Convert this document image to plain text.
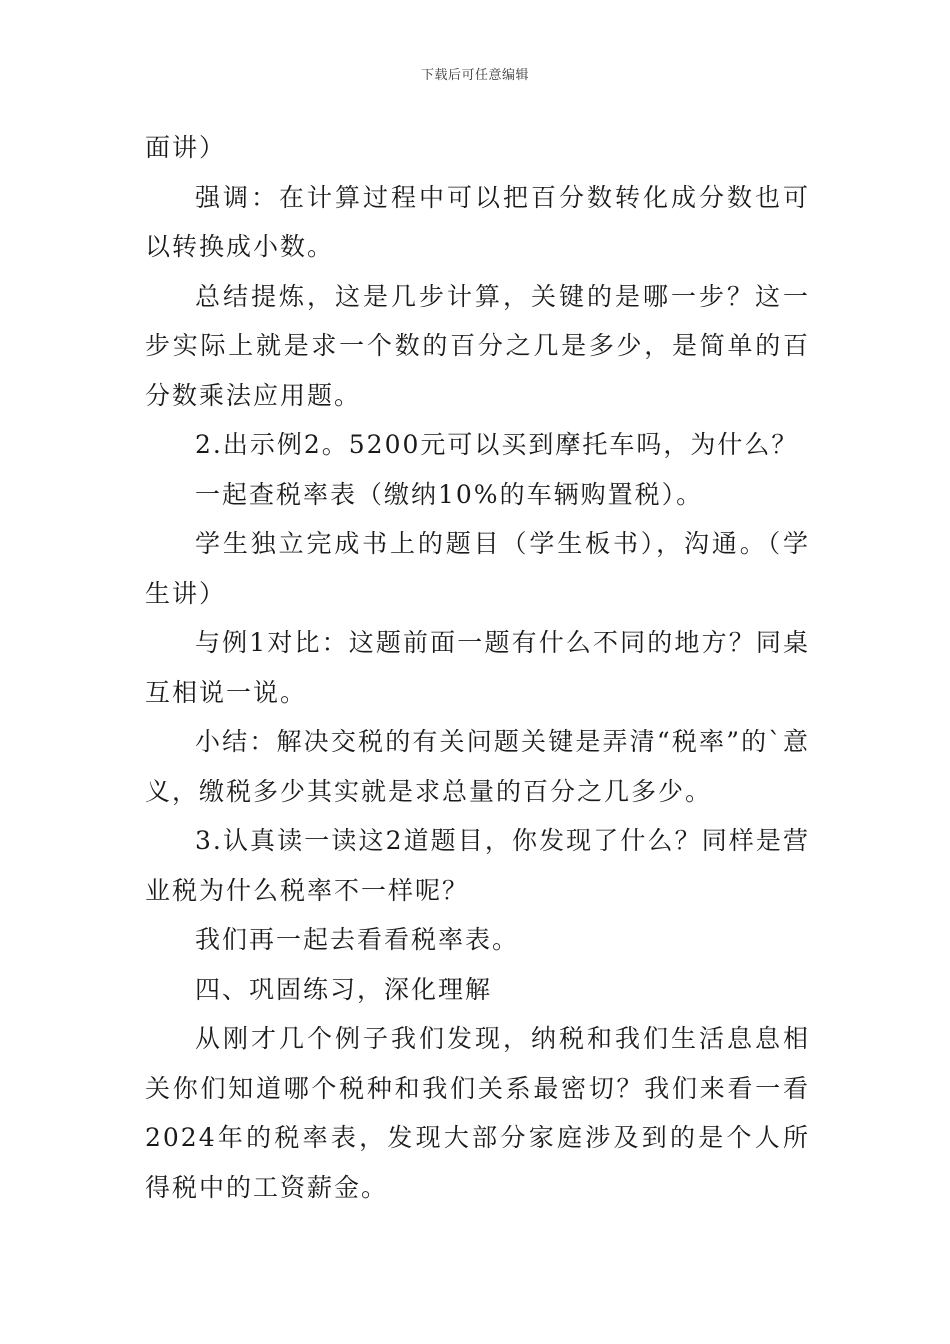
下载后可任意编辑

面讲）

强调：在计算过程中可以把百分数转化成分数也可以转换成小数。

总结提炼，这是几步计算，关键的是哪一步？这一步实际上就是求一个数的百分之几是多少，是简单的百分数乘法应用题。

2.出示例2。5200元可以买到摩托车吗，为什么？

一起查税率表（缴纳10%的车辆购置税）。

学生独立完成书上的题目（学生板书），沟通。（学生讲）

与例1对比：这题前面一题有什么不同的地方？同桌互相说一说。

小结：解决交税的有关问题关键是弄清“税率”的`意义，缴税多少其实就是求总量的百分之几多少。

3.认真读一读这2道题目，你发现了什么？同样是营业税为什么税率不一样呢？

我们再一起去看看税率表。

四、巩固练习，深化理解

从刚才几个例子我们发现，纳税和我们生活息息相关你们知道哪个税种和我们关系最密切？我们来看一看2024年的税率表，发现大部分家庭涉及到的是个人所得税中的工资薪金。
